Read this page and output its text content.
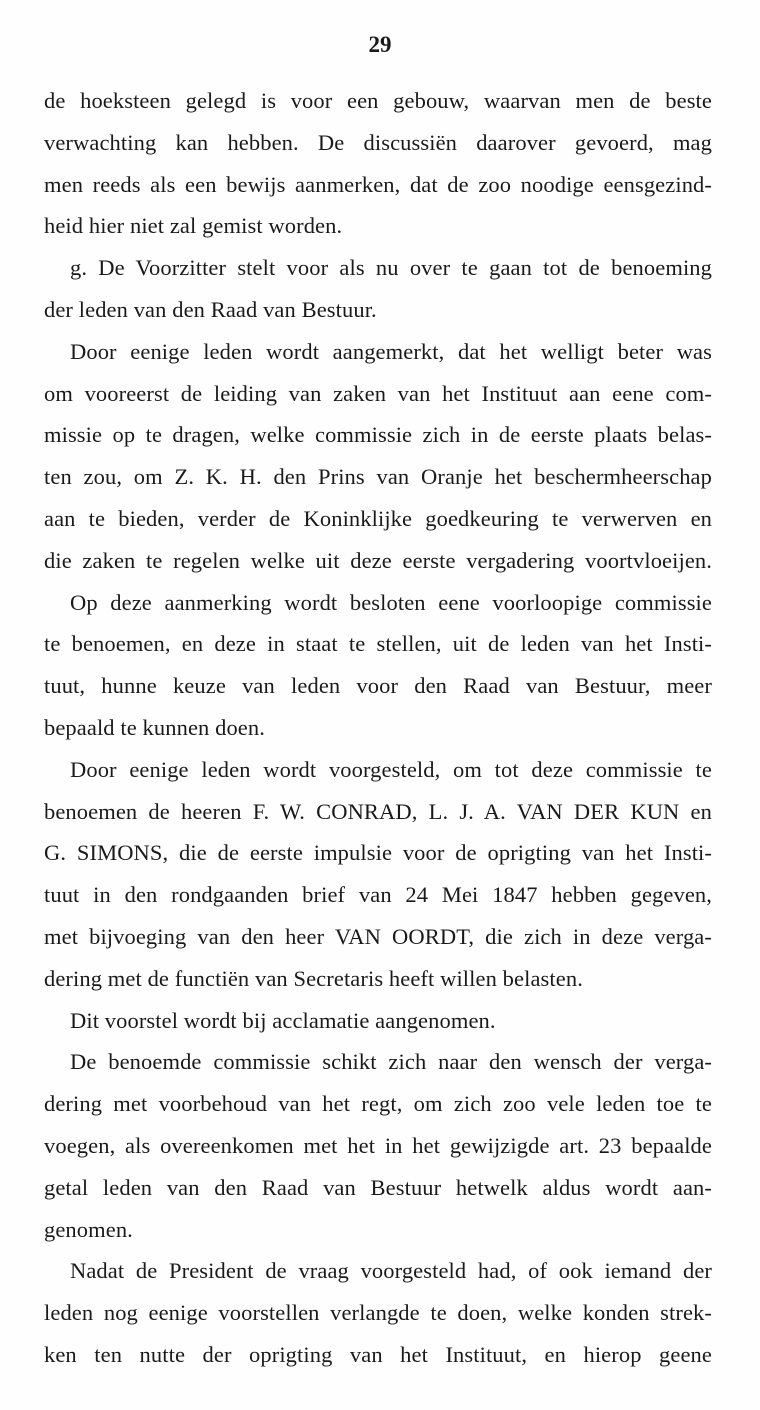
29
de hoeksteen gelegd is voor een gebouw, waarvan men de beste
verwachting kan hebben. De discussiën daarover gevoerd, mag
men reeds als een bewijs aanmerken, dat de zoo noodige eensgezind-
heid hier niet zal gemist worden.
g. De Voorzitter stelt voor als nu over te gaan tot de benoeming
der leden van den Raad van Bestuur.
Door eenige leden wordt aangemerkt, dat het welligt beter was
om vooreerst de leiding van zaken van het Instituut aan eene com-
missie op te dragen, welke commissie zich in de eerste plaats belas-
ten zou, om Z. K. H. den Prins van Oranje het beschermheerschap
aan te bieden, verder de Koninklijke goedkeuring te verwerven en
die zaken te regelen welke uit deze eerste vergadering voortvloeijen.
Op deze aanmerking wordt besloten eene voorloopige commissie
te benoemen, en deze in staat te stellen, uit de leden van het Insti-
tuut, hunne keuze van leden voor den Raad van Bestuur, meer
bepaald te kunnen doen.
Door eenige leden wordt voorgesteld, om tot deze commissie te
benoemen de heeren F. W. CONRAD, L. J. A. VAN DER KUN en
G. SIMONS, die de eerste impulsie voor de oprigting van het Insti-
tuut in den rondgaanden brief van 24 Mei 1847 hebben gegeven,
met bijvoeging van den heer VAN OORDT, die zich in deze verga-
dering met de functiën van Secretaris heeft willen belasten.
Dit voorstel wordt bij acclamatie aangenomen.
De benoemde commissie schikt zich naar den wensch der verga-
dering met voorbehoud van het regt, om zich zoo vele leden toe te
voegen, als overeenkomen met het in het gewijzigde art. 23 bepaalde
getal leden van den Raad van Bestuur hetwelk aldus wordt aan-
genomen.
Nadat de President de vraag voorgesteld had, of ook iemand der
leden nog eenige voorstellen verlangde te doen, welke konden strek-
ken ten nutte der oprigting van het Instituut, en hierop geene
